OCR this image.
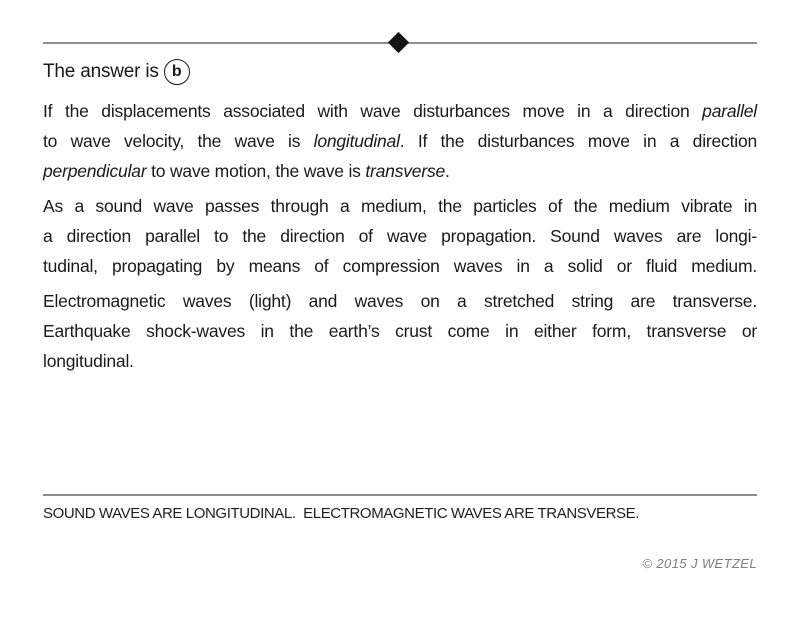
The answer is b

If the displacements associated with wave disturbances move in a direction parallel
to wave velocity, the wave is longitudinal. If the disturbances move in a direction
perpendicular to wave motion, the wave is transverse.

As a sound wave passes through a medium, the particles of the medium vibrate in
a direction parallel to the direction of wave propagation. Sound waves are longi-
tudinal, propagating by means of compression waves in a solid or fluid medium.

Electromagnetic waves (light) and waves on a stretched string are transverse.
Earthquake shock-waves in the earth’s crust come in either form, transverse or
longitudinal.

SOUND WAVES ARE LONGITUDINAL.  ELECTROMAGNETIC WAVES ARE TRANSVERSE.
© 2015 J WETZEL
